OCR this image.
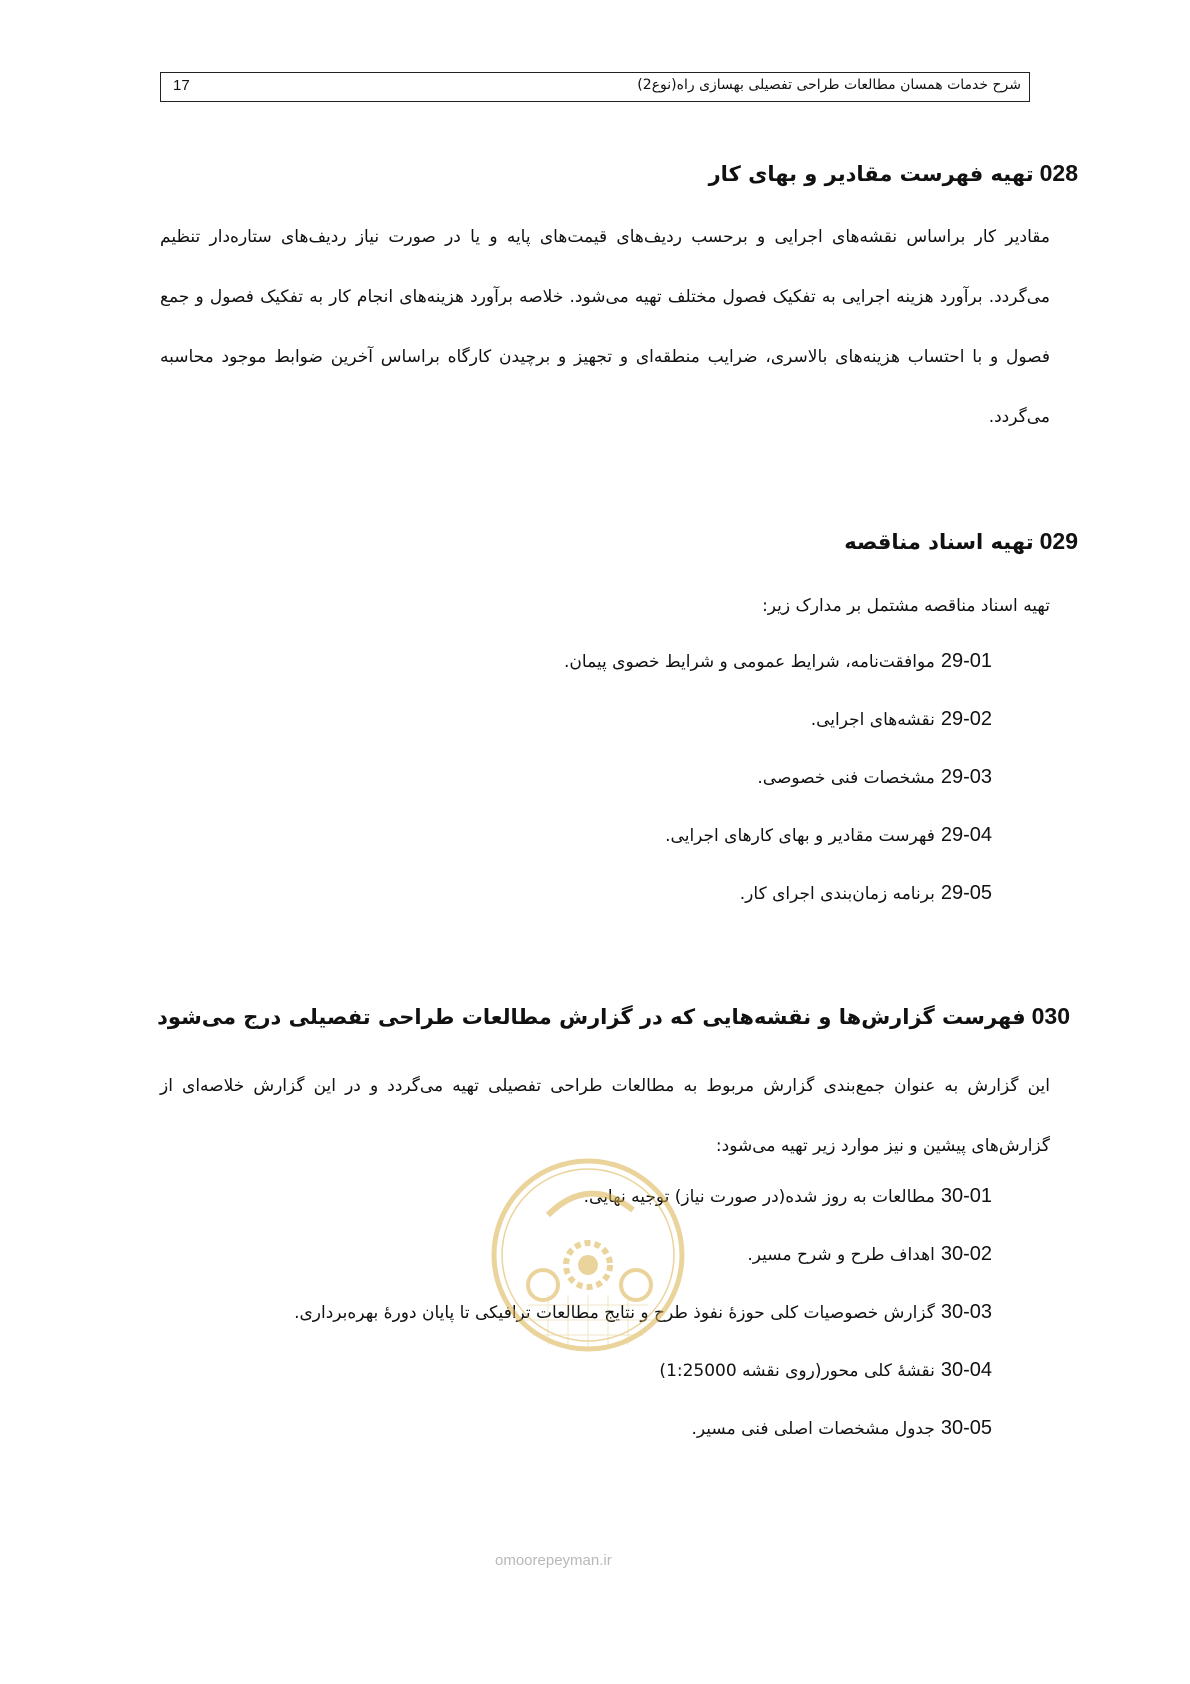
شرح خدمات همسان مطالعات طراحی تفصیلی بهسازی راه(نوع2)
17
028تهیه فهرست مقادیر و بهای کار
مقادیر کار براساس نقشه‌های اجرایی و برحسب ردیف‌های قیمت‌های پایه و یا در صورت نیاز ردیف‌های ستاره‌دار تنظیم می‌گردد. برآورد هزینه اجرایی به تفکیک فصول مختلف تهیه می‌شود. خلاصه برآورد هزینه‌های انجام کار به تفکیک فصول و جمع فصول و با احتساب هزینه‌های بالاسری، ضرایب منطقه‌ای و تجهیز و برچیدن کارگاه براساس آخرین ضوابط موجود محاسبه می‌گردد.
029تهیه اسناد مناقصه
تهیه اسناد مناقصه مشتمل بر مدارک زیر:
29-01موافقت‌نامه، شرایط عمومی و شرایط خصوی پیمان.
29-02نقشه‌های اجرایی.
29-03مشخصات فنی خصوصی.
29-04فهرست مقادیر و بهای کارهای اجرایی.
29-05برنامه زمان‌بندی اجرای کار.
030فهرست گزارش‌ها و نقشه‌هایی که در گزارش مطالعات طراحی تفصیلی درج می‌شود
این گزارش به عنوان جمع‌بندی گزارش مربوط به مطالعات طراحی تفصیلی تهیه می‌گردد و در این گزارش خلاصه‌ای از گزارش‌های پیشین و نیز موارد زیر تهیه می‌شود:
30-01مطالعات به روز شده(در صورت نیاز) توجیه نهایی.
30-02اهداف طرح و شرح مسیر.
30-03گزارش خصوصیات کلی حوزهٔ نفوذ طرح و نتایج مطالعات ترافیکی تا پایان دورهٔ بهره‌برداری.
30-04نقشهٔ کلی محور(روی نقشه 1:25000)
30-05جدول مشخصات اصلی فنی مسیر.
omoorepeyman.ir
